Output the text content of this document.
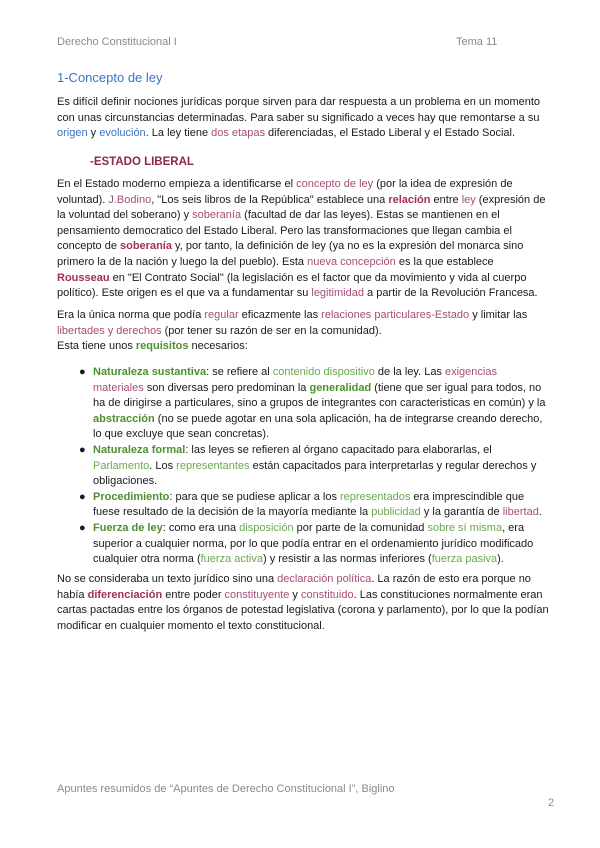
Derecho Constitucional I	Tema 11
1-Concepto de ley
Es difícil definir nociones jurídicas porque sirven para dar respuesta a un problema en un momento con unas circunstancias determinadas. Para saber su significado a veces hay que remontarse a su origen y evolución. La ley tiene dos etapas diferenciadas, el Estado Liberal y el Estado Social.
-ESTADO LIBERAL
En el Estado moderno empieza a identificarse el concepto de ley (por la idea de expresión de voluntad). J.Bodino, "Los seis libros de la República" establece una relación entre ley (expresión de la voluntad del soberano) y soberanía (facultad de dar las leyes). Estas se mantienen en el pensamiento democratico del Estado Liberal. Pero las transformaciones que llegan cambia el concepto de soberanía y, por tanto, la definición de ley (ya no es la expresión del monarca sino primero la de la nación y luego la del pueblo). Esta nueva concepción es la que establece Rousseau en "El Contrato Social" (la legislación es el factor que da movimiento y vida al cuerpo político). Este origen es el que va a fundamentar su legitimidad a partir de la Revolución Francesa.
Era la única norma que podía regular eficazmente las relaciones particulares-Estado y limitar las libertades y derechos (por tener su razón de ser en la comunidad).
Esta tiene unos requisitos necesarios:
● Naturaleza sustantiva: se refiere al contenido dispositivo de la ley. Las exigencias materiales son diversas pero predominan la generalidad (tiene que ser igual para todos, no ha de dirigirse a particulares, sino a grupos de integrantes con caracteristicas en común) y la abstracción (no se puede agotar en una sola aplicación, ha de integrarse creando derecho, lo que excluye que sean concretas).
● Naturaleza formal: las leyes se refieren al órgano capacitado para elaborarlas, el Parlamento. Los representantes están capacitados para interpretarlas y regular derechos y obligaciones.
● Procedimiento: para que se pudiese aplicar a los representados era imprescindible que fuese resultado de la decisión de la mayoría mediante la publicidad y la garantía de libertad.
● Fuerza de ley: como era una disposición por parte de la comunidad sobre sí misma, era superior a cualquier norma, por lo que podía entrar en el ordenamiento jurídico modificado cualquier otra norma (fuerza activa) y resistir a las normas inferiores (fuerza pasiva).
No se consideraba un texto jurídico sino una declaración política. La razón de esto era porque no había diferenciación entre poder constituyente y constituido. Las constituciones normalmente eran cartas pactadas entre los órganos de potestad legislativa (corona y parlamento), por lo que la podían modificar en cualquier momento el texto constitucional.
Apuntes resumidos de “Apuntes de Derecho Constitucional I”, Biglino
2
